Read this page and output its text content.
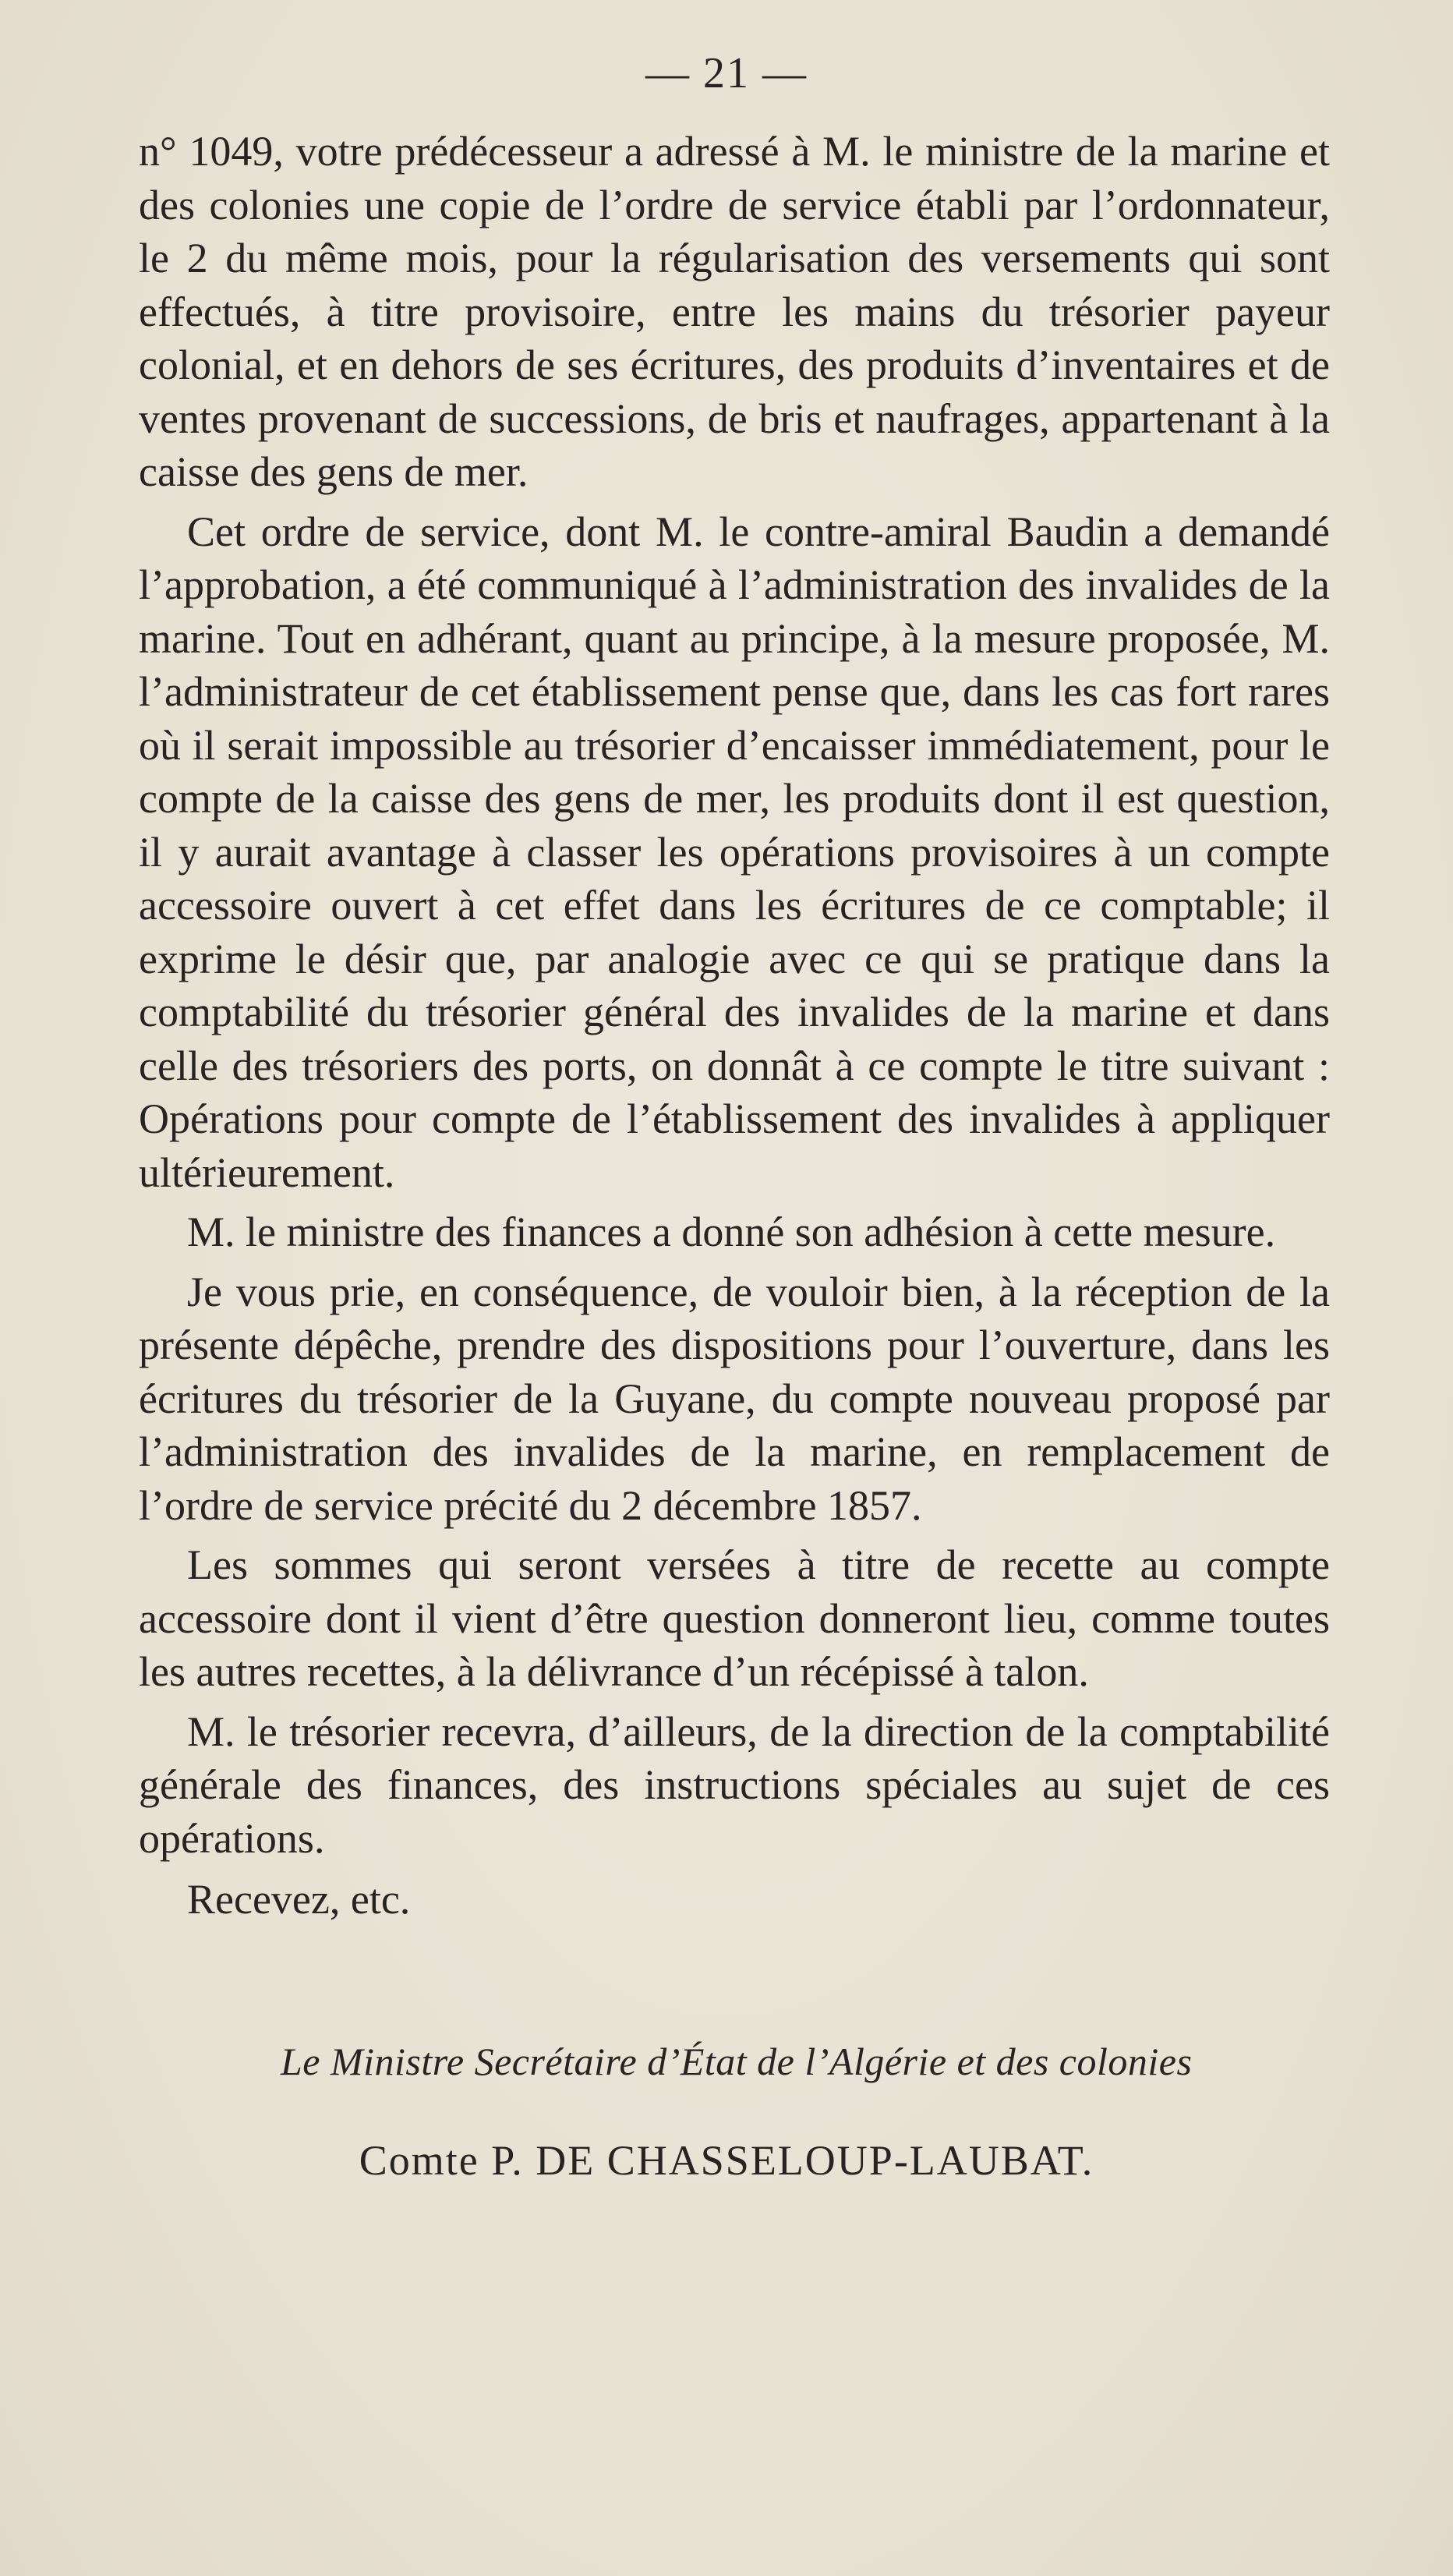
— 21 —

n° 1049, votre prédécesseur a adressé à M. le ministre de la marine et des colonies une copie de l’ordre de service établi par l’ordonnateur, le 2 du même mois, pour la régularisation des versements qui sont effectués, à titre provisoire, entre les mains du trésorier payeur colonial, et en dehors de ses écritures, des produits d’inventaires et de ventes provenant de successions, de bris et naufrages, appartenant à la caisse des gens de mer.

Cet ordre de service, dont M. le contre-amiral Baudin a demandé l’approbation, a été communiqué à l’administration des invalides de la marine. Tout en adhérant, quant au principe, à la mesure proposée, M. l’administrateur de cet établissement pense que, dans les cas fort rares où il serait impossible au trésorier d’encaisser immédiatement, pour le compte de la caisse des gens de mer, les produits dont il est question, il y aurait avantage à classer les opérations provisoires à un compte accessoire ouvert à cet effet dans les écritures de ce comptable; il exprime le désir que, par analogie avec ce qui se pratique dans la comptabilité du trésorier général des invalides de la marine et dans celle des trésoriers des ports, on donnât à ce compte le titre suivant : Opérations pour compte de l’établissement des invalides à appliquer ultérieurement.

M. le ministre des finances a donné son adhésion à cette mesure.

Je vous prie, en conséquence, de vouloir bien, à la réception de la présente dépêche, prendre des dispositions pour l’ouverture, dans les écritures du trésorier de la Guyane, du compte nouveau proposé par l’administration des invalides de la marine, en remplacement de l’ordre de service précité du 2 décembre 1857.

Les sommes qui seront versées à titre de recette au compte accessoire dont il vient d’être question donneront lieu, comme toutes les autres recettes, à la délivrance d’un récépissé à talon.

M. le trésorier recevra, d’ailleurs, de la direction de la comptabilité générale des finances, des instructions spéciales au sujet de ces opérations.

Recevez, etc.

Le Ministre Secrétaire d’État de l’Algérie et des colonies
Comte P. DE CHASSELOUP-LAUBAT.
